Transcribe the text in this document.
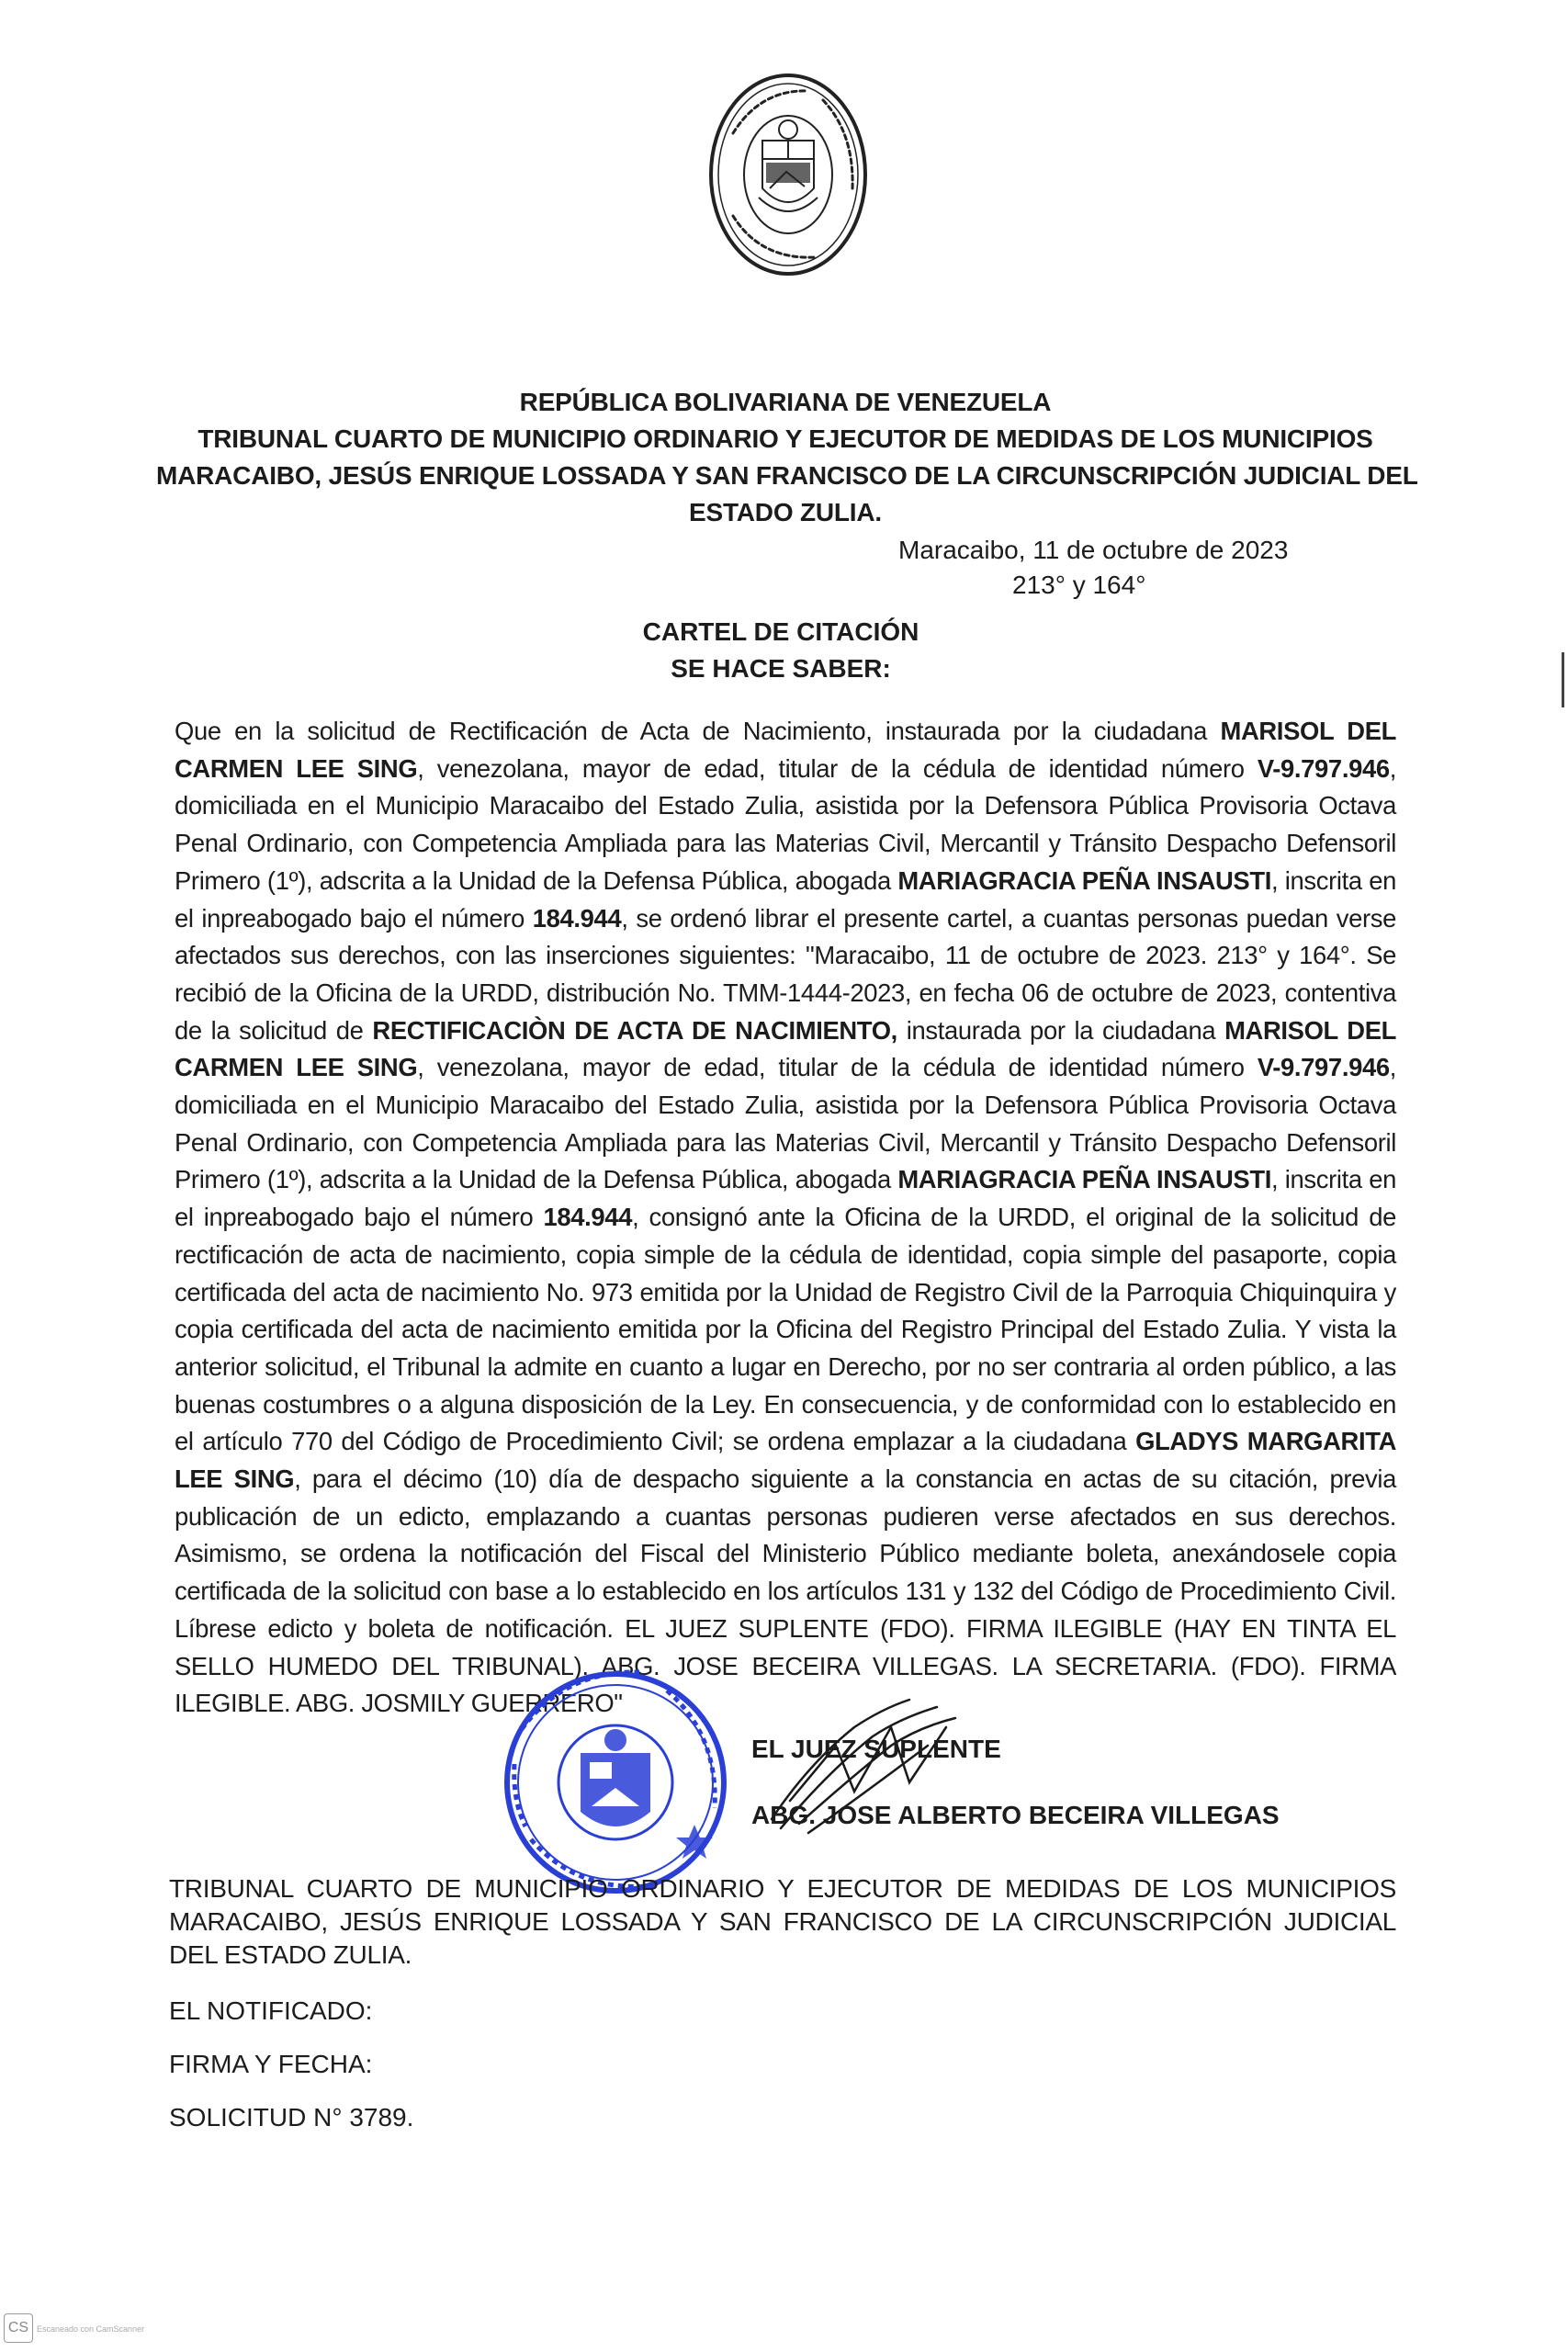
REPÚBLICA BOLIVARIANA DE VENEZUELA
TRIBUNAL CUARTO DE MUNICIPIO ORDINARIO Y EJECUTOR DE MEDIDAS DE LOS MUNICIPIOS
MARACAIBO, JESÚS ENRIQUE LOSSADA Y SAN FRANCISCO DE LA CIRCUNSCRIPCIÓN JUDICIAL DEL
ESTADO ZULIA.
Maracaibo, 11 de octubre de 2023
213° y 164°
CARTEL DE CITACIÓN
SE HACE SABER:
Que en la solicitud de Rectificación de Acta de Nacimiento, instaurada por la ciudadana MARISOL DEL CARMEN LEE SING, venezolana, mayor de edad, titular de la cédula de identidad número V-9.797.946, domiciliada en el Municipio Maracaibo del Estado Zulia, asistida por la Defensora Pública Provisoria Octava Penal Ordinario, con Competencia Ampliada para las Materias Civil, Mercantil y Tránsito Despacho Defensoril Primero (1º), adscrita a la Unidad de la Defensa Pública, abogada MARIAGRACIA PEÑA INSAUSTI, inscrita en el inpreabogado bajo el número 184.944, se ordenó librar el presente cartel, a cuantas personas puedan verse afectados sus derechos, con las inserciones siguientes: "Maracaibo, 11 de octubre de 2023. 213° y 164°. Se recibió de la Oficina de la URDD, distribución No. TMM-1444-2023, en fecha 06 de octubre de 2023, contentiva de la solicitud de RECTIFICACIÒN DE ACTA DE NACIMIENTO, instaurada por la ciudadana MARISOL DEL CARMEN LEE SING, venezolana, mayor de edad, titular de la cédula de identidad número V-9.797.946, domiciliada en el Municipio Maracaibo del Estado Zulia, asistida por la Defensora Pública Provisoria Octava Penal Ordinario, con Competencia Ampliada para las Materias Civil, Mercantil y Tránsito Despacho Defensoril Primero (1º), adscrita a la Unidad de la Defensa Pública, abogada MARIAGRACIA PEÑA INSAUSTI, inscrita en el inpreabogado bajo el número 184.944, consignó ante la Oficina de la URDD, el original de la solicitud de rectificación de acta de nacimiento, copia simple de la cédula de identidad, copia simple del pasaporte, copia certificada del acta de nacimiento No. 973 emitida por la Unidad de Registro Civil de la Parroquia Chiquinquira y copia certificada del acta de nacimiento emitida por la Oficina del Registro Principal del Estado Zulia. Y vista la anterior solicitud, el Tribunal la admite en cuanto a lugar en Derecho, por no ser contraria al orden público, a las buenas costumbres o a alguna disposición de la Ley. En consecuencia, y de conformidad con lo establecido en el artículo 770 del Código de Procedimiento Civil; se ordena emplazar a la ciudadana GLADYS MARGARITA LEE SING, para el décimo (10) día de despacho siguiente a la constancia en actas de su citación, previa publicación de un edicto, emplazando a cuantas personas pudieren verse afectados en sus derechos. Asimismo, se ordena la notificación del Fiscal del Ministerio Público mediante boleta, anexándosele copia certificada de la solicitud con base a lo establecido en los artículos 131 y 132 del Código de Procedimiento Civil. Líbrese edicto y boleta de notificación. EL JUEZ SUPLENTE (FDO). FIRMA ILEGIBLE (HAY EN TINTA EL SELLO HUMEDO DEL TRIBUNAL). ABG. JOSE BECEIRA VILLEGAS. LA SECRETARIA. (FDO). FIRMA ILEGIBLE. ABG. JOSMILY GUERRERO"
EL JUEZ SUPLENTE
ABG. JOSE ALBERTO BECEIRA VILLEGAS
TRIBUNAL CUARTO DE MUNICIPIO ORDINARIO Y EJECUTOR DE MEDIDAS DE LOS MUNICIPIOS MARACAIBO, JESÚS ENRIQUE LOSSADA Y SAN FRANCISCO DE LA CIRCUNSCRIPCIÓN JUDICIAL DEL ESTADO ZULIA.
EL NOTIFICADO:
FIRMA Y FECHA:
SOLICITUD N° 3789.
CS Escaneado con CamScanner
